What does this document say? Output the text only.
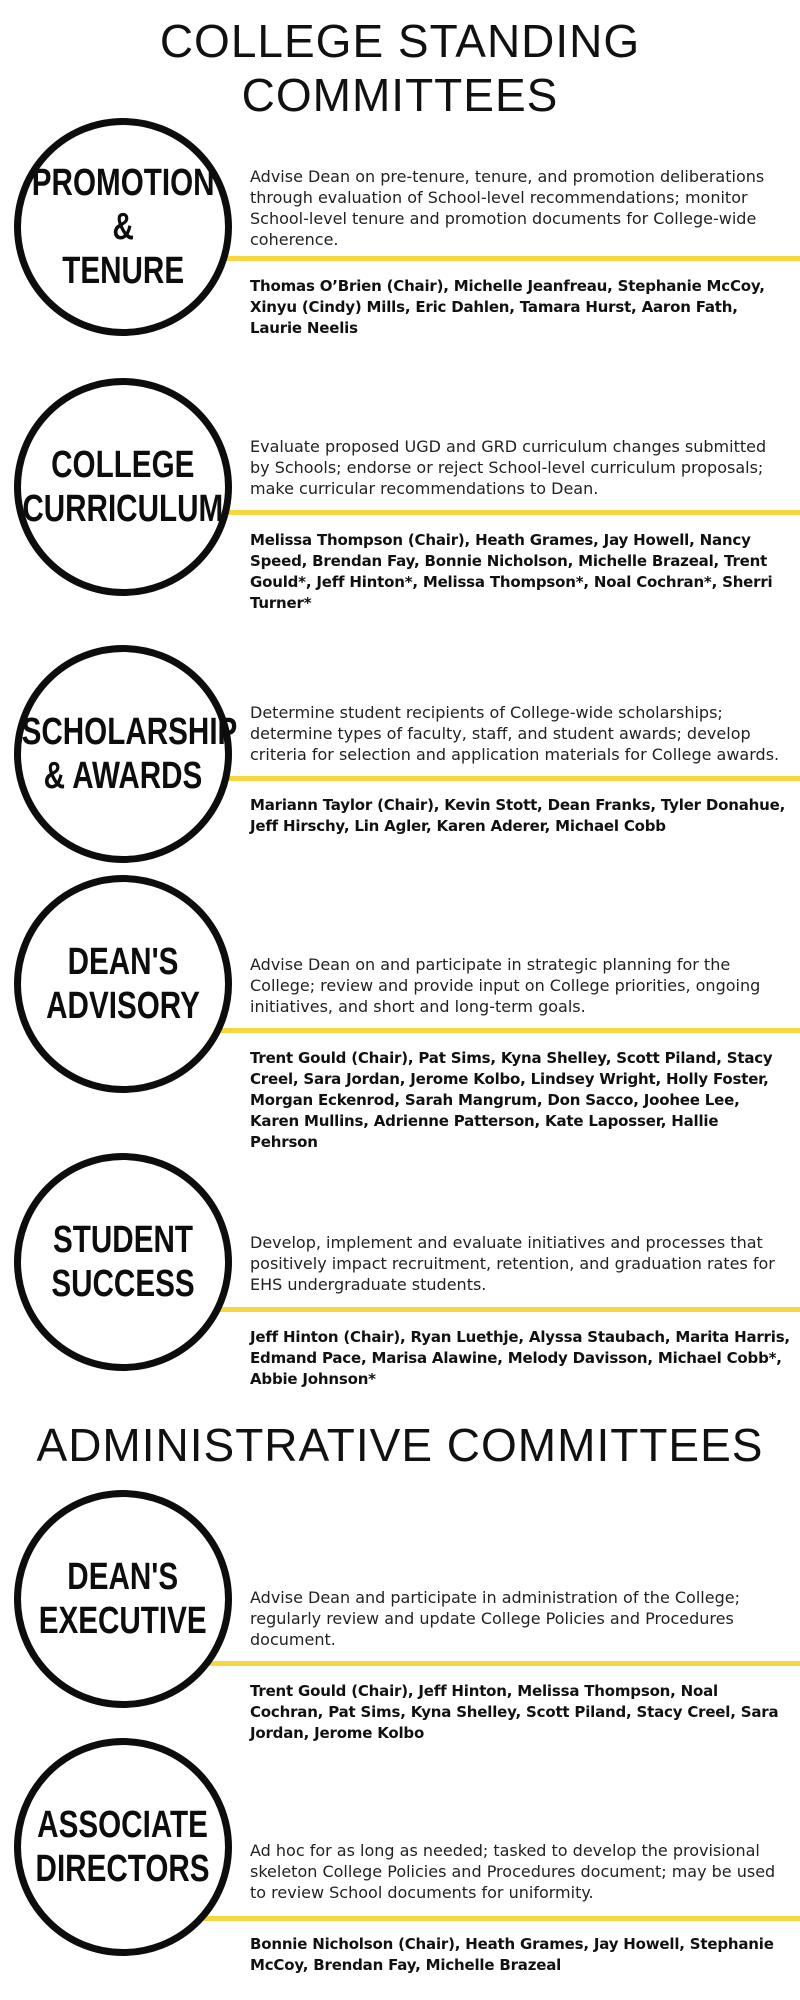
COLLEGE STANDING COMMITTEES
PROMOTION &
TENURE

Advise Dean on pre-tenure, tenure, and promotion deliberations through evaluation of School-level recommendations; monitor School-level tenure and promotion documents for College-wide coherence.

Thomas O’Brien (Chair), Michelle Jeanfreau, Stephanie McCoy, Xinyu (Cindy) Mills, Eric Dahlen, Tamara Hurst, Aaron Fath, Laurie Neelis

COLLEGE
CURRICULUM

Evaluate proposed UGD and GRD curriculum changes submitted by Schools; endorse or reject School-level curriculum proposals; make curricular recommendations to Dean.

Melissa Thompson (Chair), Heath Grames, Jay Howell, Nancy Speed, Brendan Fay, Bonnie Nicholson, Michelle Brazeal, Trent Gould*, Jeff Hinton*, Melissa Thompson*, Noal Cochran*, Sherri Turner*

SCHOLARSHIP
& AWARDS

Determine student recipients of College-wide scholarships; determine types of faculty, staff, and student awards; develop criteria for selection and application materials for College awards.

Mariann Taylor (Chair), Kevin Stott, Dean Franks, Tyler Donahue, Jeff Hirschy, Lin Agler, Karen Aderer, Michael Cobb

DEAN'S
ADVISORY

Advise Dean on and participate in strategic planning for the College; review and provide input on College priorities, ongoing initiatives, and short and long-term goals.

Trent Gould (Chair), Pat Sims, Kyna Shelley, Scott Piland, Stacy Creel, Sara Jordan, Jerome Kolbo, Lindsey Wright, Holly Foster, Morgan Eckenrod, Sarah Mangrum, Don Sacco, Joohee Lee, Karen Mullins, Adrienne Patterson, Kate Laposser, Hallie Pehrson

STUDENT
SUCCESS

Develop, implement and evaluate initiatives and processes that positively impact recruitment, retention, and graduation rates for EHS undergraduate students.

Jeff Hinton (Chair), Ryan Luethje, Alyssa Staubach, Marita Harris, Edmand Pace, Marisa Alawine, Melody Davisson, Michael Cobb*, Abbie Johnson*

ADMINISTRATIVE COMMITTEES
DEAN'S
EXECUTIVE

Advise Dean and participate in administration of the College; regularly review and update College Policies and Procedures document.

Trent Gould (Chair), Jeff Hinton, Melissa Thompson, Noal Cochran, Pat Sims, Kyna Shelley, Scott Piland, Stacy Creel, Sara Jordan, Jerome Kolbo

ASSOCIATE
DIRECTORS Ad hoc for as long as needed; tasked to develop the provisional skeleton College Policies and Procedures document; may be used to review School documents for uniformity.

Bonnie Nicholson (Chair), Heath Grames, Jay Howell, Stephanie McCoy, Brendan Fay, Michelle Brazeal
